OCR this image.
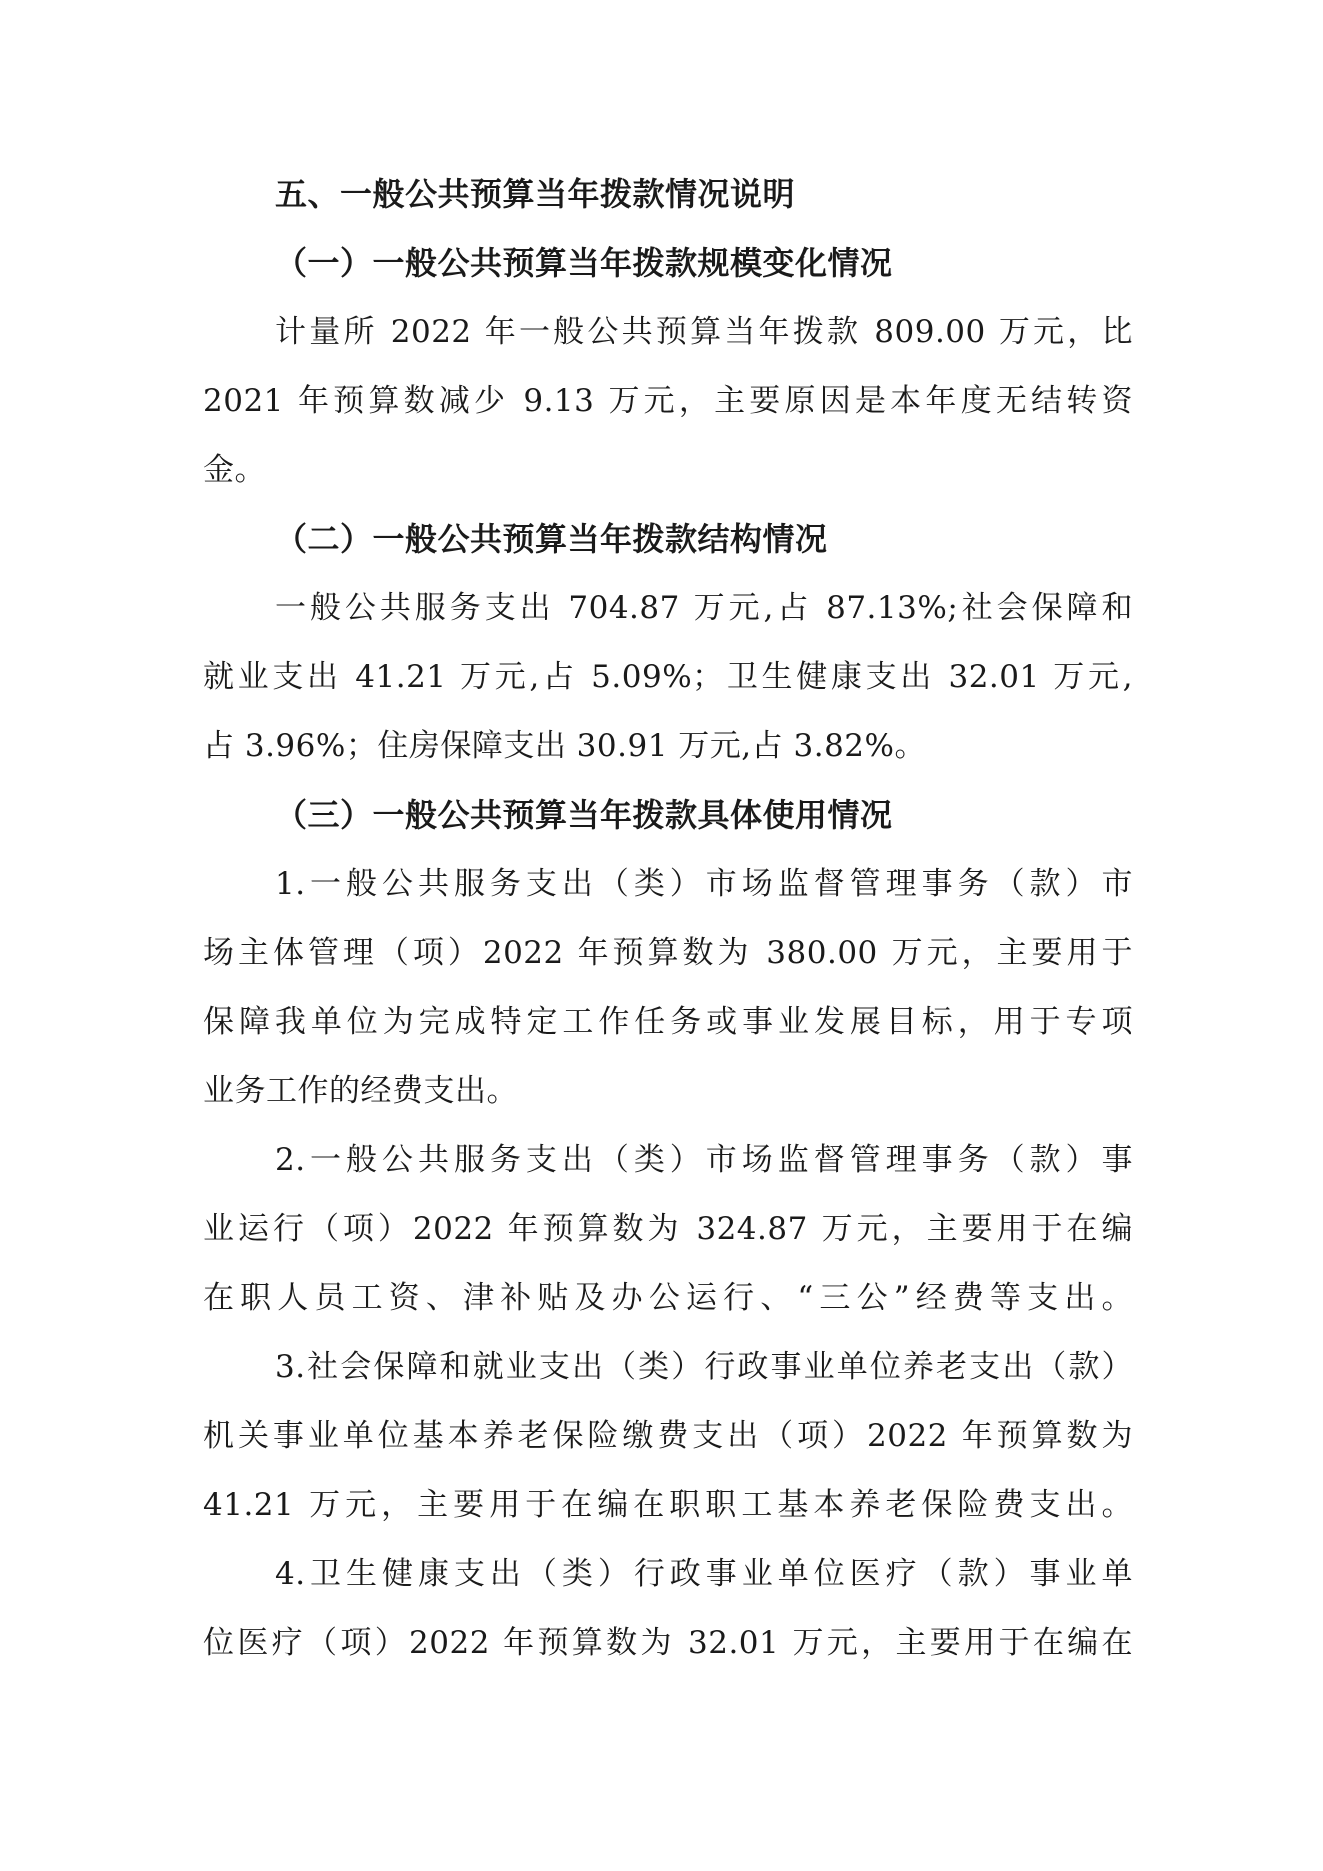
五、一般公共预算当年拨款情况说明
（一）一般公共预算当年拨款规模变化情况
计量所 2022 年一般公共预算当年拨款 809.00 万元，比
2021 年预算数减少 9.13 万元，主要原因是本年度无结转资
金。
（二）一般公共预算当年拨款结构情况
一般公共服务支出 704.87 万元,占 87.13%;社会保障和
就业支出 41.21 万元,占 5.09%；卫生健康支出 32.01 万元,
占 3.96%；住房保障支出 30.91 万元,占 3.82%。
（三）一般公共预算当年拨款具体使用情况
1.一般公共服务支出（类）市场监督管理事务（款）市
场主体管理（项）2022 年预算数为 380.00 万元，主要用于
保障我单位为完成特定工作任务或事业发展目标，用于专项
业务工作的经费支出。
2.一般公共服务支出（类）市场监督管理事务（款）事
业运行（项）2022 年预算数为 324.87 万元，主要用于在编
在职人员工资、津补贴及办公运行、“三公”经费等支出。
3.社会保障和就业支出（类）行政事业单位养老支出（款）
机关事业单位基本养老保险缴费支出（项）2022 年预算数为
41.21 万元，主要用于在编在职职工基本养老保险费支出。
4.卫生健康支出（类）行政事业单位医疗（款）事业单
位医疗（项）2022 年预算数为 32.01 万元，主要用于在编在
